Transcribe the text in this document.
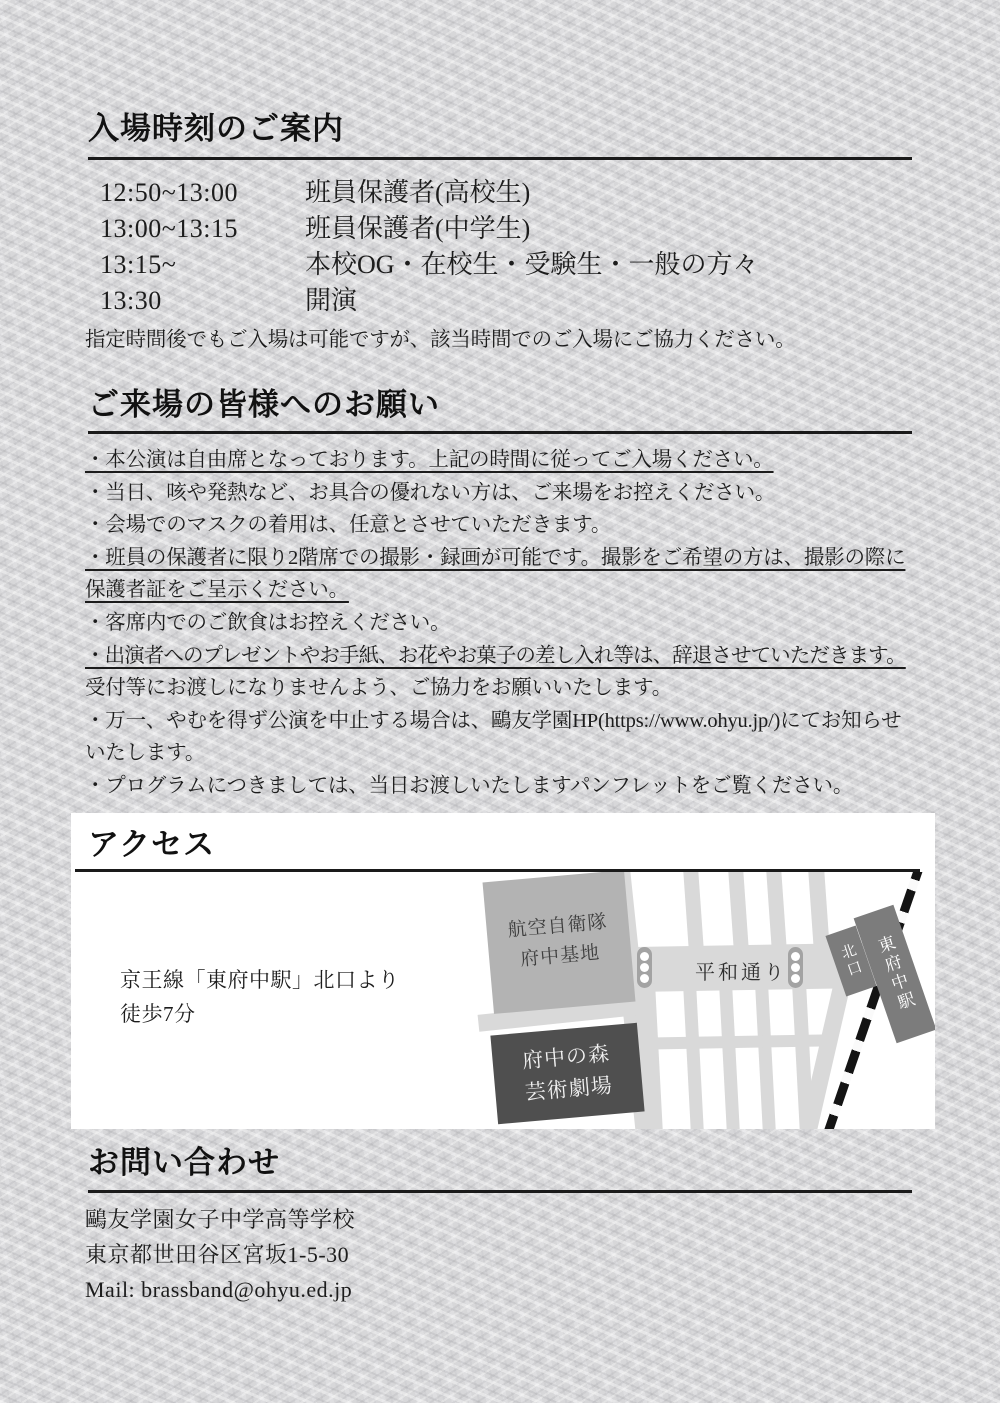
入場時刻のご案内
12:50~13:00	班員保護者(高校生)
13:00~13:15	班員保護者(中学生)
13:15~	本校OG・在校生・受験生・一般の方々
13:30	開演
指定時間後でもご入場は可能ですが、該当時間でのご入場にご協力ください。
ご来場の皆様へのお願い
・本公演は自由席となっております。上記の時間に従ってご入場ください。
・当日、咳や発熱など、お具合の優れない方は、ご来場をお控えください。
・会場でのマスクの着用は、任意とさせていただきます。
・班員の保護者に限り2階席での撮影・録画が可能です。撮影をご希望の方は、撮影の際に保護者証をご呈示ください。
・客席内でのご飲食はお控えください。
・出演者へのプレゼントやお手紙、お花やお菓子の差し入れ等は、辞退させていただきます。
受付等にお渡しになりませんよう、ご協力をお願いいたします。
・万一、やむを得ず公演を中止する場合は、鷗友学園HP(https://www.ohyu.jp/)にてお知らせいたします。
・プログラムにつきましては、当日お渡しいたしますパンフレットをご覧ください。
アクセス
京王線「東府中駅」北口より
徒歩7分
航空自衛隊
府中基地
府中の森
芸術劇場
北口 東府中駅
平和通り
お問い合わせ
鷗友学園女子中学高等学校
東京都世田谷区宮坂1-5-30
Mail: brassband@ohyu.ed.jp
